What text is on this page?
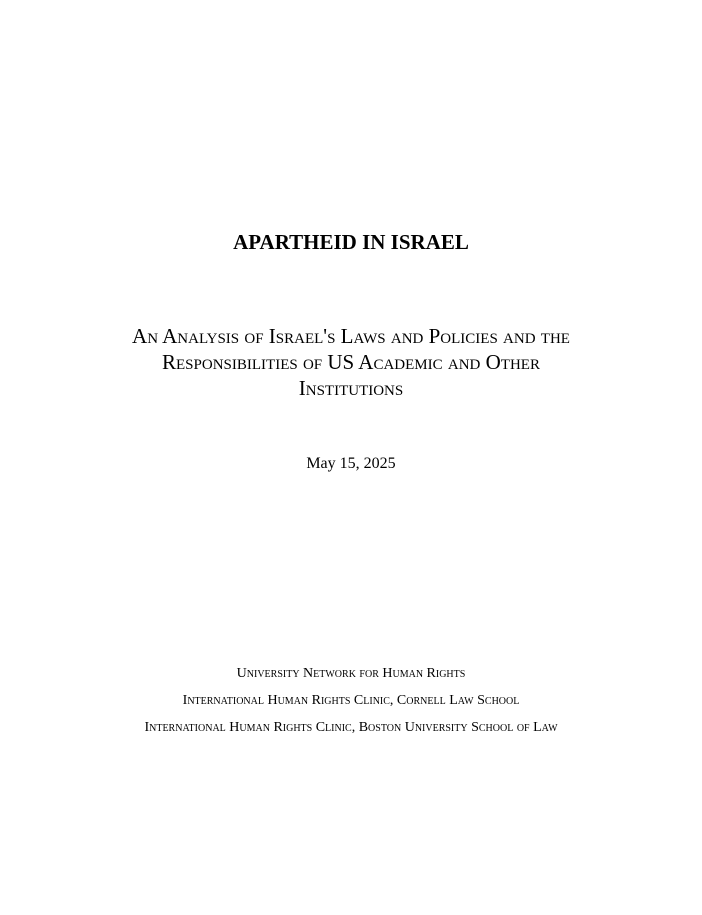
APARTHEID IN ISRAEL
An Analysis of Israel's Laws and Policies and the
Responsibilities of US Academic and Other
Institutions
May 15, 2025
University Network for Human Rights
International Human Rights Clinic, Cornell Law School
International Human Rights Clinic, Boston University School of Law
